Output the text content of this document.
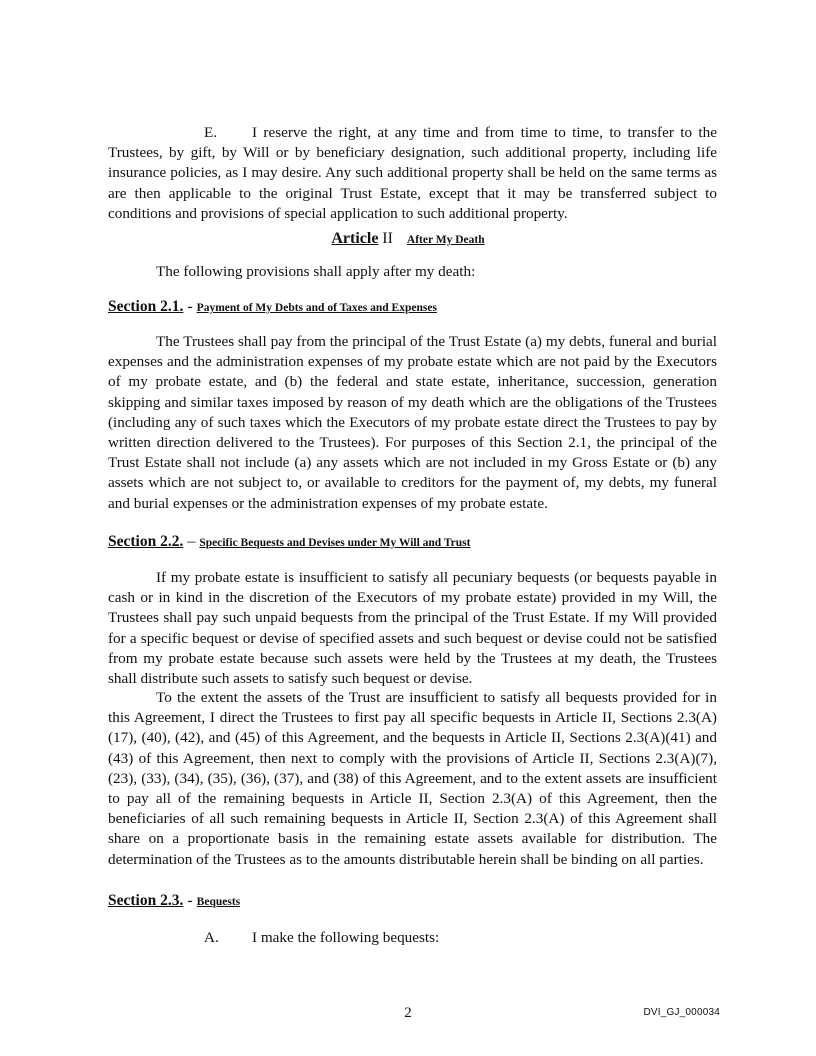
E. I reserve the right, at any time and from time to time, to transfer to the Trustees, by gift, by Will or by beneficiary designation, such additional property, including life insurance policies, as I may desire. Any such additional property shall be held on the same terms as are then applicable to the original Trust Estate, except that it may be transferred subject to conditions and provisions of special application to such additional property.

Article II After My Death

The following provisions shall apply after my death:

Section 2.1. - Payment of My Debts and of Taxes and Expenses

The Trustees shall pay from the principal of the Trust Estate (a) my debts, funeral and burial expenses and the administration expenses of my probate estate which are not paid by the Executors of my probate estate, and (b) the federal and state estate, inheritance, succession, generation skipping and similar taxes imposed by reason of my death which are the obligations of the Trustees (including any of such taxes which the Executors of my probate estate direct the Trustees to pay by written direction delivered to the Trustees). For purposes of this Section 2.1, the principal of the Trust Estate shall not include (a) any assets which are not included in my Gross Estate or (b) any assets which are not subject to, or available to creditors for the payment of, my debts, my funeral and burial expenses or the administration expenses of my probate estate.

Section 2.2. – Specific Bequests and Devises under My Will and Trust

If my probate estate is insufficient to satisfy all pecuniary bequests (or bequests payable in cash or in kind in the discretion of the Executors of my probate estate) provided in my Will, the Trustees shall pay such unpaid bequests from the principal of the Trust Estate. If my Will provided for a specific bequest or devise of specified assets and such bequest or devise could not be satisfied from my probate estate because such assets were held by the Trustees at my death, the Trustees shall distribute such assets to satisfy such bequest or devise.

To the extent the assets of the Trust are insufficient to satisfy all bequests provided for in this Agreement, I direct the Trustees to first pay all specific bequests in Article II, Sections 2.3(A)(17), (40), (42), and (45) of this Agreement, and the bequests in Article II, Sections 2.3(A)(41) and (43) of this Agreement, then next to comply with the provisions of Article II, Sections 2.3(A)(7), (23), (33), (34), (35), (36), (37), and (38) of this Agreement, and to the extent assets are insufficient to pay all of the remaining bequests in Article II, Section 2.3(A) of this Agreement, then the beneficiaries of all such remaining bequests in Article II, Section 2.3(A) of this Agreement shall share on a proportionate basis in the remaining estate assets available for distribution. The determination of the Trustees as to the amounts distributable herein shall be binding on all parties.

Section 2.3. - Bequests

A. I make the following bequests:

2	DVI_GJ_000034
